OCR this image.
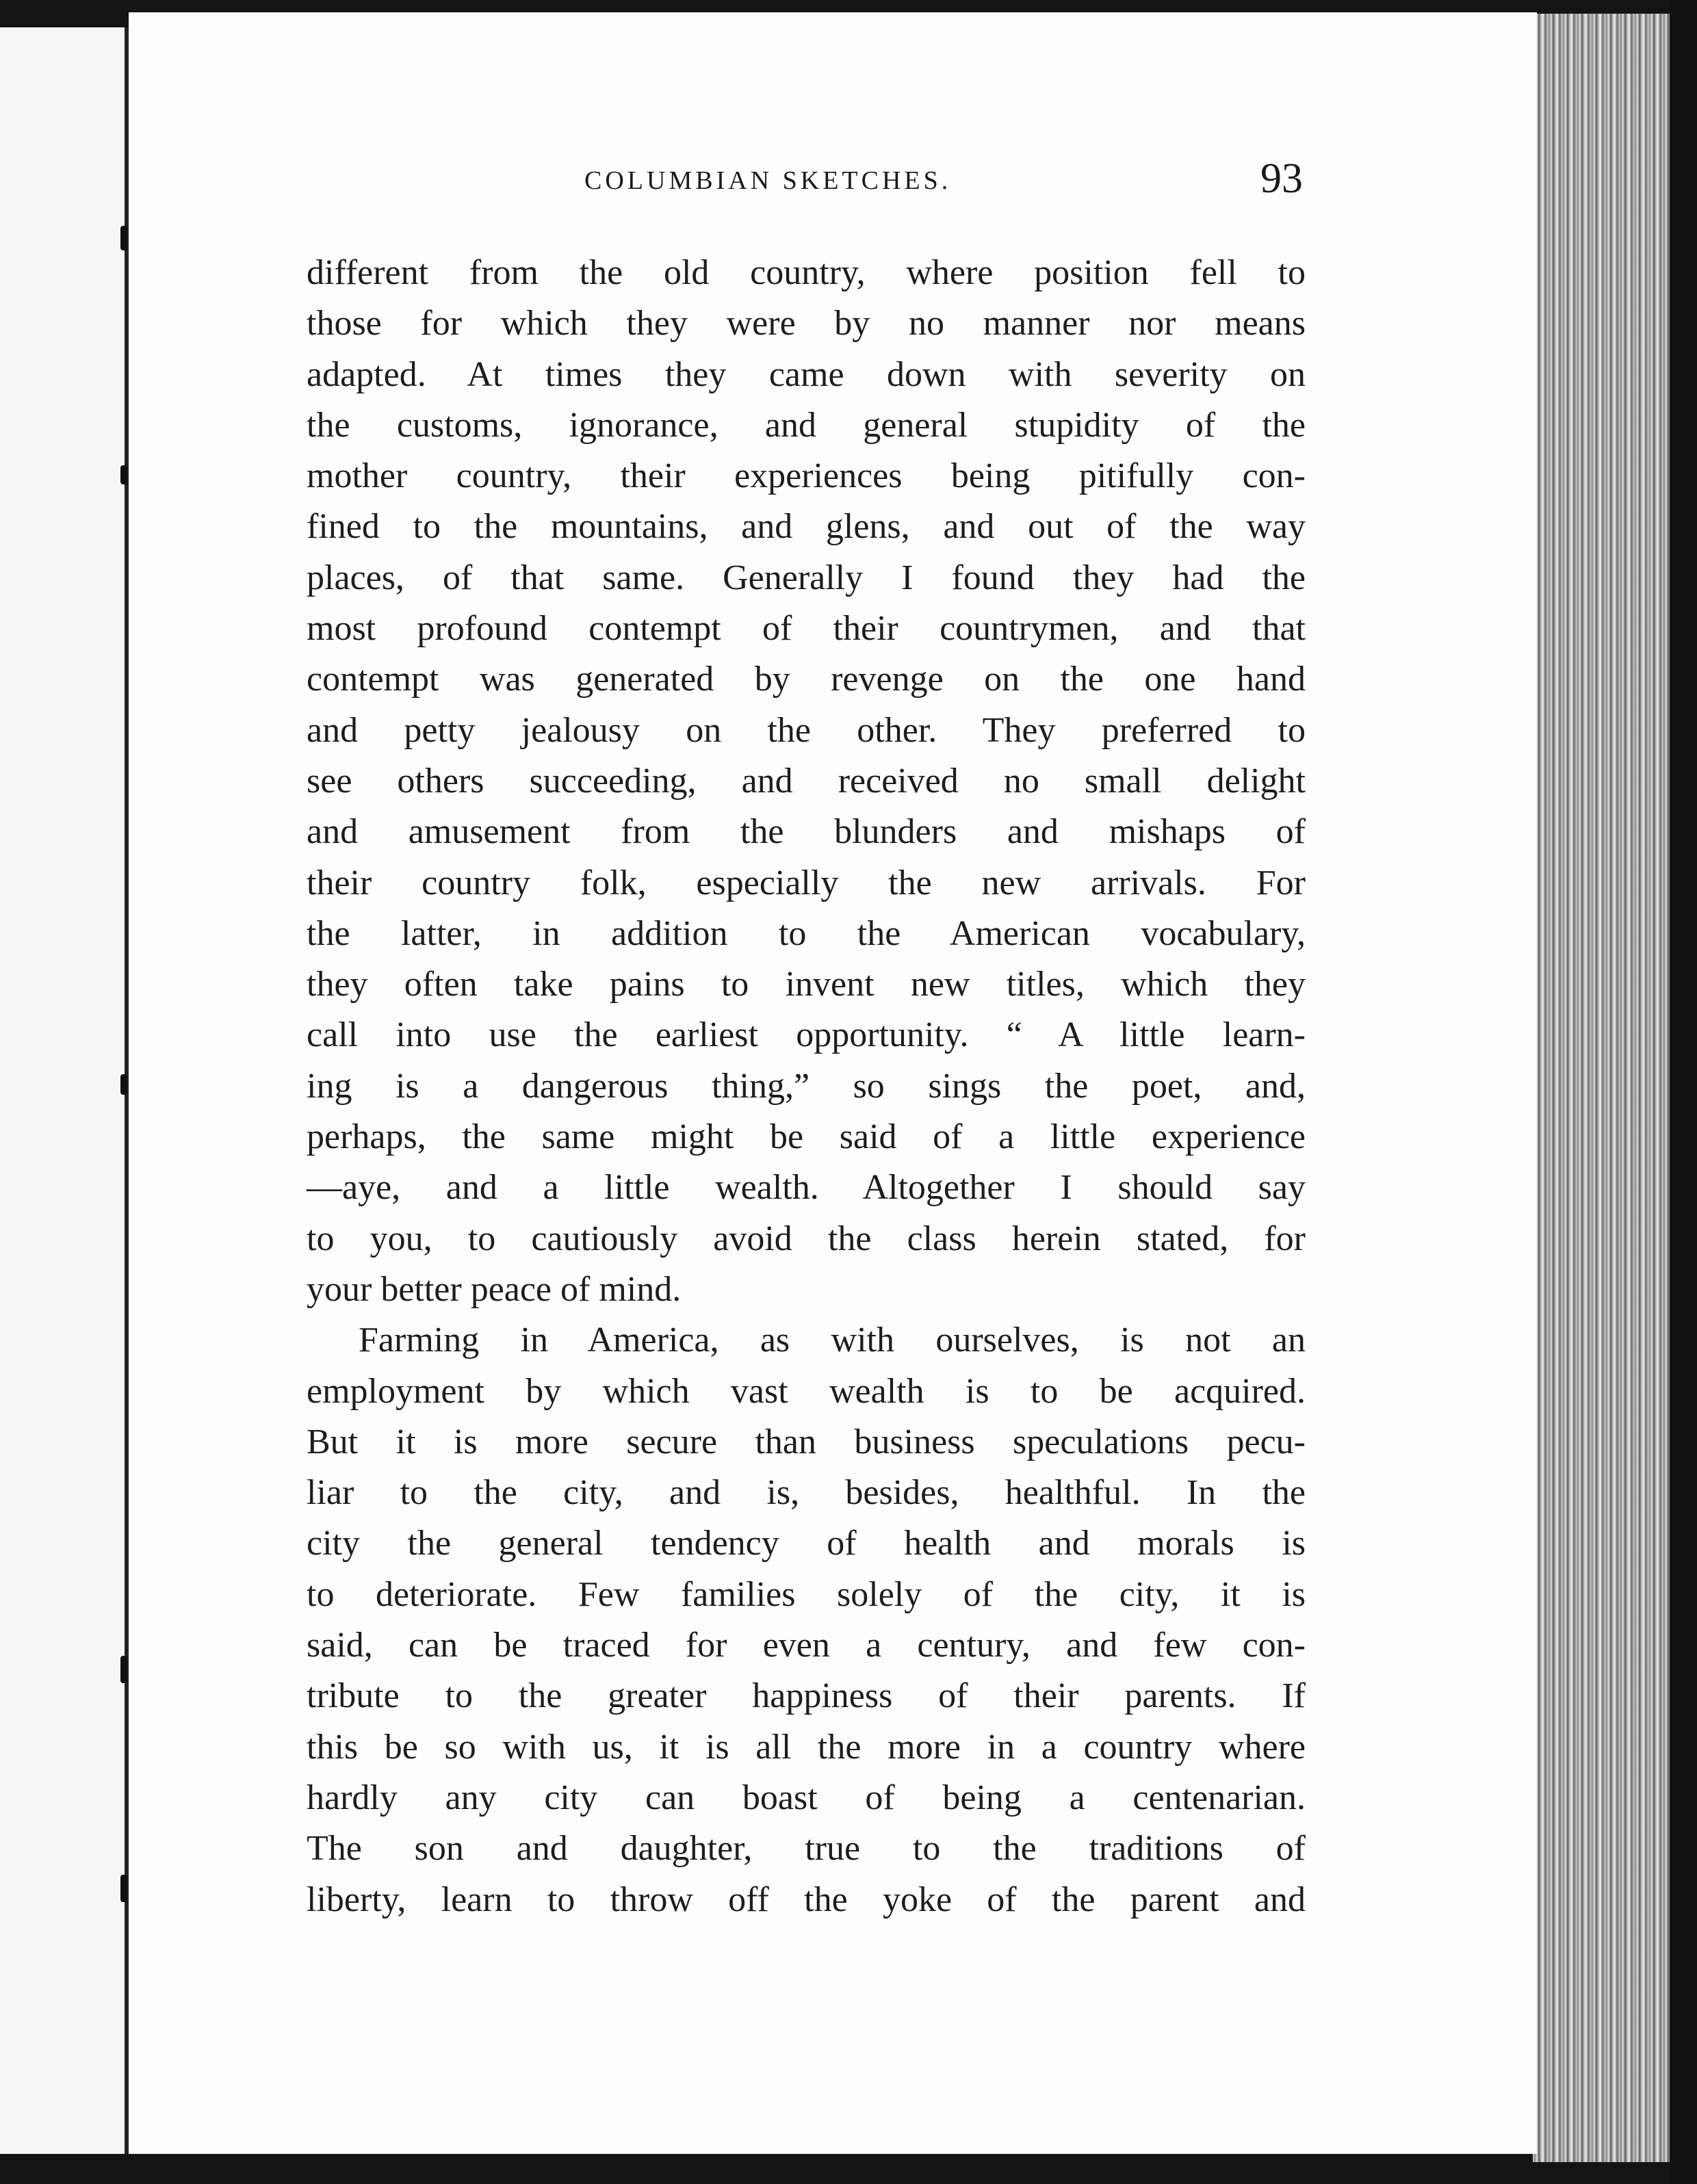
COLUMBIAN SKETCHES.	93
different from the old country, where position fell to
those for which they were by no manner nor means
adapted. At times they came down with severity on
the customs, ignorance, and general stupidity of the
mother country, their experiences being pitifully con-
fined to the mountains, and glens, and out of the way
places, of that same. Generally I found they had the
most profound contempt of their countrymen, and that
contempt was generated by revenge on the one hand
and petty jealousy on the other. They preferred to
see others succeeding, and received no small delight
and amusement from the blunders and mishaps of
their country folk, especially the new arrivals. For
the latter, in addition to the American vocabulary,
they often take pains to invent new titles, which they
call into use the earliest opportunity. “ A little learn-
ing is a dangerous thing,” so sings the poet, and,
perhaps, the same might be said of a little experience
—aye, and a little wealth. Altogether I should say
to you, to cautiously avoid the class herein stated, for
your better peace of mind.
Farming in America, as with ourselves, is not an
employment by which vast wealth is to be acquired.
But it is more secure than business speculations pecu-
liar to the city, and is, besides, healthful. In the
city the general tendency of health and morals is
to deteriorate. Few families solely of the city, it is
said, can be traced for even a century, and few con-
tribute to the greater happiness of their parents. If
this be so with us, it is all the more in a country where
hardly any city can boast of being a centenarian.
The son and daughter, true to the traditions of
liberty, learn to throw off the yoke of the parent and
